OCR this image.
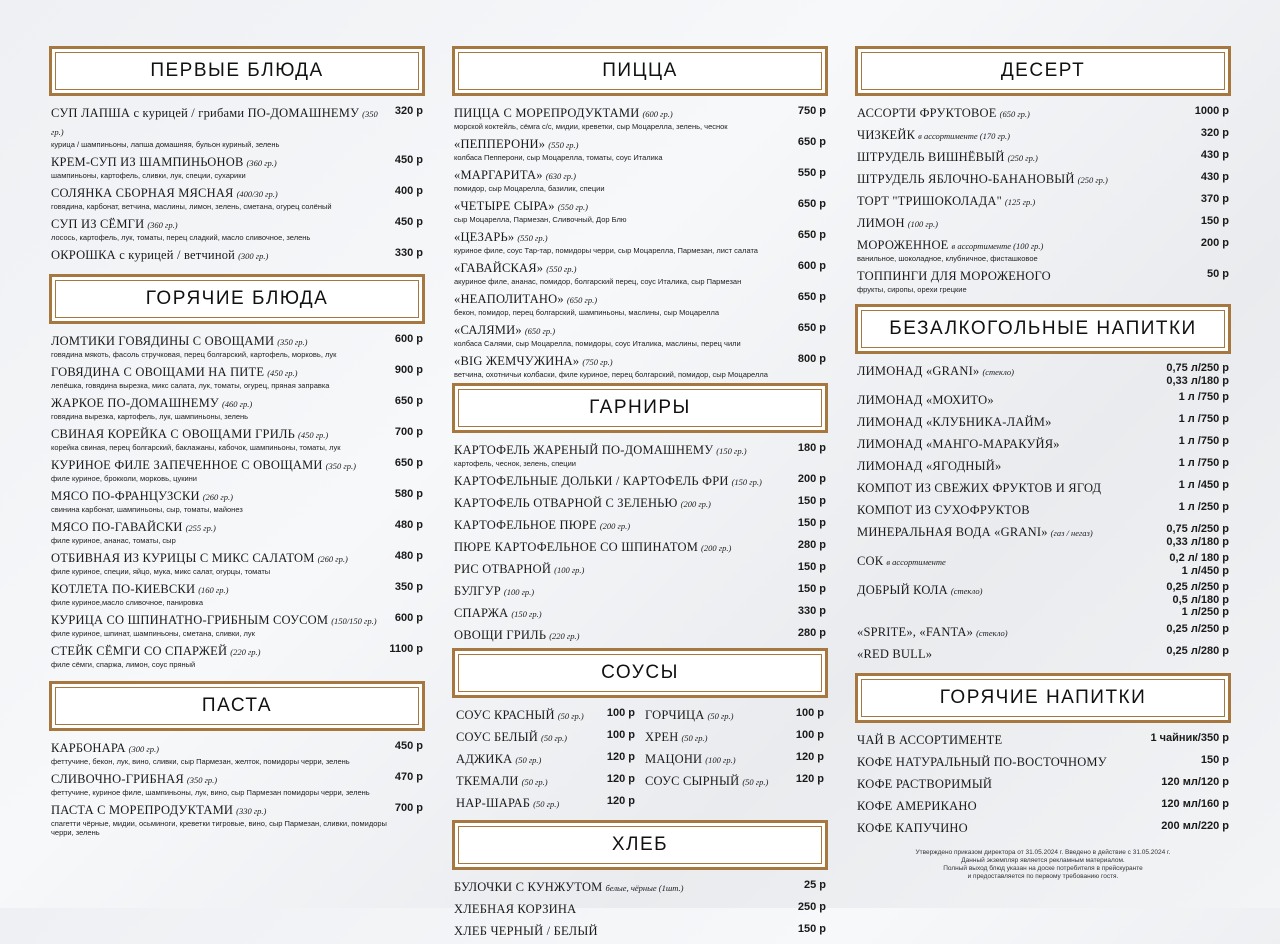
ПЕРВЫЕ БЛЮДА
СУП ЛАПША с курицей / грибами ПО-ДОМАШНЕМУ (350 гр.)
курица / шампиньоны, лапша домашняя, бульон куриный, зелень
320 р
КРЕМ-СУП ИЗ ШАМПИНЬОНОВ (360 гр.)
шампиньоны, картофель, сливки, лук, специи, сухарики
450 р
СОЛЯНКА СБОРНАЯ МЯСНАЯ (400/30 гр.)
говядина, карбонат, ветчина, маслины, лимон, зелень, сметана, огурец солёный
400 р
СУП ИЗ СЁМГИ (360 гр.)
лосось, картофель, лук, томаты, перец сладкий, масло сливочное, зелень
450 р
ОКРОШКА с курицей / ветчиной (300 гр.)	330 р
ГОРЯЧИЕ БЛЮДА
ЛОМТИКИ ГОВЯДИНЫ С ОВОЩАМИ (350 гр.)
говядина мякоть, фасоль стручковая, перец болгарский, картофель, морковь, лук
600 р
ГОВЯДИНА С ОВОЩАМИ НА ПИТЕ (450 гр.)
лепёшка, говядина вырезка, микс салата, лук, томаты, огурец, пряная заправка
900 р
ЖАРКОЕ ПО-ДОМАШНЕМУ (460 гр.)
говядина вырезка, картофель, лук, шампиньоны, зелень
650 р
СВИНАЯ КОРЕЙКА С ОВОЩАМИ ГРИЛЬ (450 гр.)
корейка свиная, перец болгарский, баклажаны, кабочок, шампиньоны, томаты, лук
700 р
КУРИНОЕ ФИЛЕ ЗАПЕЧЕННОЕ С ОВОЩАМИ (350 гр.)
филе куриное, брокколи, морковь, цукини
650 р
МЯСО ПО-ФРАНЦУЗСКИ (260 гр.)
свинина карбонат, шампиньоны, сыр, томаты, майонез
580 р
МЯСО ПО-ГАВАЙСКИ (255 гр.)
филе куриное, ананас, томаты, сыр
480 р
ОТБИВНАЯ ИЗ КУРИЦЫ С МИКС САЛАТОМ (260 гр.)
филе куриное, специи, яйцо, мука, микс салат, огурцы, томаты
480 р
КОТЛЕТА ПО-КИЕВСКИ (160 гр.)
филе куриное,масло сливочное, панировка
350 р
КУРИЦА СО ШПИНАТНО-ГРИБНЫМ СОУСОМ (150/150 гр.)
филе куриное, шпинат, шампиньоны, сметана, сливки, лук
600 р
СТЕЙК СЁМГИ СО СПАРЖЕЙ (220 гр.)
филе сёмги, спаржа, лимон, соус пряный
1100 р
ПАСТА
КАРБОНАРА (300 гр.)
феттучине, бекон, лук, вино, сливки, сыр Пармезан, желток, помидоры черри, зелень
450 р
СЛИВОЧНО-ГРИБНАЯ (350 гр.)
феттучине, куриное филе, шампиньоны, лук, вино, сыр Пармезан помидоры черри, зелень
470 р
ПАСТА С МОРЕПРОДУКТАМИ (330 гр.)
спагетти чёрные, мидии, осьминоги, креветки тигровые, вино, сыр Пармезан, сливки, помидоры черри, зелень
700 р
ПИЦЦА
ПИЦЦА С МОРЕПРОДУКТАМИ (600 гр.)
морской коктейль, сёмга с/с, мидии, креветки, сыр Моцарелла, зелень, чеснок
750 р
«ПЕППЕРОНИ» (550 гр.)
колбаса Пепперони, сыр Моцарелла, томаты, соус Италика
650 р
«МАРГАРИТА» (630 гр.)
помидор, сыр Моцарелла, базилик, специи
550 р
«ЧЕТЫРЕ СЫРА» (550 гр.)
сыр Моцарелла, Пармезан, Сливочный, Дор Блю
650 р
«ЦЕЗАРЬ» (550 гр.)
куриное филе, соус Тар-тар, помидоры черри, сыр Моцарелла, Пармезан, лист салата
650 р
«ГАВАЙСКАЯ» (550 гр.)
акуриное филе, ананас, помидор, болгарский перец, соус Италика, сыр Пармезан
600 р
«НЕАПОЛИТАНО» (650 гр.)
бекон, помидор, перец болгарский, шампиньоны, маслины, сыр Моцарелла
650 р
«САЛЯМИ» (650 гр.)
колбаса Салями, сыр Моцарелла, помидоры, соус Италика, маслины, перец чили
650 р
«BIG ЖЕМЧУЖИНА» (750 гр.)
ветчина, охотничьи колбаски, филе куриное, перец болгарский, помидор, сыр Моцарелла
800 р
ГАРНИРЫ
КАРТОФЕЛЬ ЖАРЕНЫЙ ПО-ДОМАШНЕМУ (150 гр.)
картофель, чеснок, зелень, специи
180 р
КАРТОФЕЛЬНЫЕ ДОЛЬКИ / КАРТОФЕЛЬ ФРИ (150 гр.)	200 р
КАРТОФЕЛЬ ОТВАРНОЙ С ЗЕЛЕНЬЮ (200 гр.)	150 р
КАРТОФЕЛЬНОЕ ПЮРЕ (200 гр.)	150 р
ПЮРЕ КАРТОФЕЛЬНОЕ СО ШПИНАТОМ (200 гр.)	280 р
РИС ОТВАРНОЙ (100 гр.)	150 р
БУЛГУР (100 гр.)	150 р
СПАРЖА (150 гр.)	330 р
ОВОЩИ ГРИЛЬ (220 гр.)	280 р
СОУСЫ
СОУС КРАСНЫЙ (50 гр.)	100 р
СОУС БЕЛЫЙ (50 гр.)	100 р
АДЖИКА (50 гр.)	120 р
ТКЕМАЛИ (50 гр.)	120 р
НАР-ШАРАБ (50 гр.)	120 р
ГОРЧИЦА (50 гр.)	100 р
ХРЕН (50 гр.)	100 р
МАЦОНИ (100 гр.)	120 р
СОУС СЫРНЫЙ (50 гр.)	120 р
ХЛЕБ
БУЛОЧКИ С КУНЖУТОМ белые, чёрные (1шт.)	25 р
ХЛЕБНАЯ КОРЗИНА	250 р
ХЛЕБ ЧЕРНЫЙ / БЕЛЫЙ	150 р
ДЕСЕРТ
АССОРТИ ФРУКТОВОЕ (650 гр.)	1000 р
ЧИЗКЕЙК в ассортименте (170 гр.)	320 р
ШТРУДЕЛЬ ВИШНЁВЫЙ (250 гр.)	430 р
ШТРУДЕЛЬ ЯБЛОЧНО-БАНАНОВЫЙ (250 гр.)	430 р
ТОРТ "ТРИШОКОЛАДА" (125 гр.)	370 р
ЛИМОН (100 гр.)	150 р
МОРОЖЕННОЕ в ассортименте (100 гр.)
ванильное, шоколадное, клубничное, фисташковое
200 р
ТОППИНГИ ДЛЯ МОРОЖЕНОГО
фрукты, сиропы, орехи грецкие
50 р
БЕЗАЛКОГОЛЬНЫЕ НАПИТКИ
ЛИМОНАД «GRANI» (стекло)	0,75 л/250 р
0,33 л/180 р
ЛИМОНАД «МОХИТО»	1 л /750 р
ЛИМОНАД «КЛУБНИКА-ЛАЙМ»	1 л /750 р
ЛИМОНАД «МАНГО-МАРАКУЙЯ»	1 л /750 р
ЛИМОНАД «ЯГОДНЫЙ»	1 л /750 р
КОМПОТ ИЗ СВЕЖИХ ФРУКТОВ И ЯГОД	1 л /450 р
КОМПОТ ИЗ СУХОФРУКТОВ	1 л /250 р
МИНЕРАЛЬНАЯ ВОДА «GRANI» (газ / негаз)	0,75 л/250 р
0,33 л/180 р
СОК в ассортименте	0,2 л/ 180 р
1 л/450 р
ДОБРЫЙ КОЛА (стекло)	0,25 л/250 р
0,5 л/180 р
1 л/250 р
«SPRITE», «FANTA» (стекло)	0,25 л/250 р
«RED BULL»	0,25 л/280 р
ГОРЯЧИЕ НАПИТКИ
ЧАЙ В АССОРТИМЕНТЕ	1 чайник/350 р
КОФЕ НАТУРАЛЬНЫЙ ПО-ВОСТОЧНОМУ	150 р
КОФЕ РАСТВОРИМЫЙ	120 мл/120 р
КОФЕ АМЕРИКАНО	120 мл/160 р
КОФЕ КАПУЧИНО	200 мл/220 р
Утверждено приказом директора от 31.05.2024 г. Введено в действие с 31.05.2024 г.
Данный экземпляр является рекламным материалом.
Полный выход блюд указан на доске потребителя в прейскуранте
и предоставляется по первому требованию гостя.
